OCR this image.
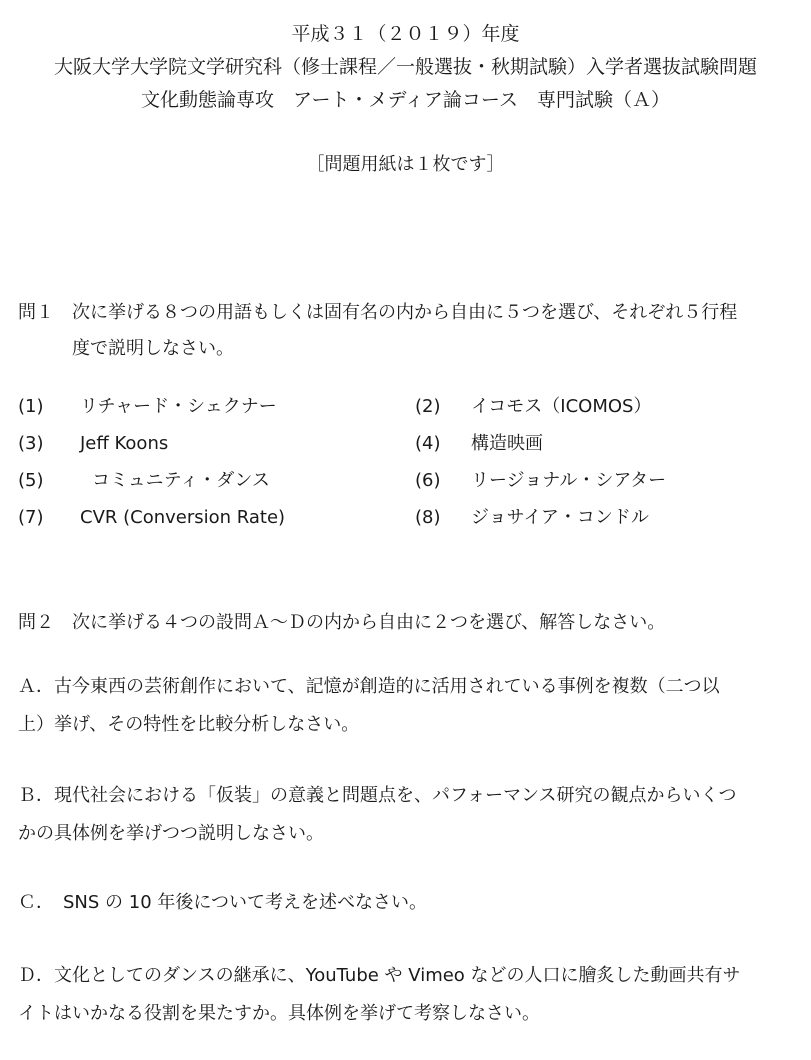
平成３１（２０１９）年度
大阪大学大学院文学研究科（修士課程／一般選抜・秋期試験）入学者選抜試験問題
文化動態論専攻　アート・メディア論コース　専門試験（Ａ）
［問題用紙は１枚です］
問１　次に挙げる８つの用語もしくは固有名の内から自由に５つを選び、それぞれ５行程
度で説明しなさい。
(1) リチャード・シェクナー	(2) イコモス（ICOMOS）
(3) Jeff Koons	(4) 構造映画
(5)	コミュニティ・ダンス	(6) リージョナル・シアター
(7) CVR (Conversion Rate)	(8) ジョサイア・コンドル
問２　次に挙げる４つの設問Ａ～Ｄの内から自由に２つを選び、解答しなさい。
Ａ．古今東西の芸術創作において、記憶が創造的に活用されている事例を複数（二つ以
上）挙げ、その特性を比較分析しなさい。
Ｂ．現代社会における「仮装」の意義と問題点を、パフォーマンス研究の観点からいくつ
かの具体例を挙げつつ説明しなさい。
Ｃ．　SNS の 10 年後について考えを述べなさい。
Ｄ．文化としてのダンスの継承に、YouTube や Vimeo などの人口に膾炙した動画共有サ
イトはいかなる役割を果たすか。具体例を挙げて考察しなさい。
